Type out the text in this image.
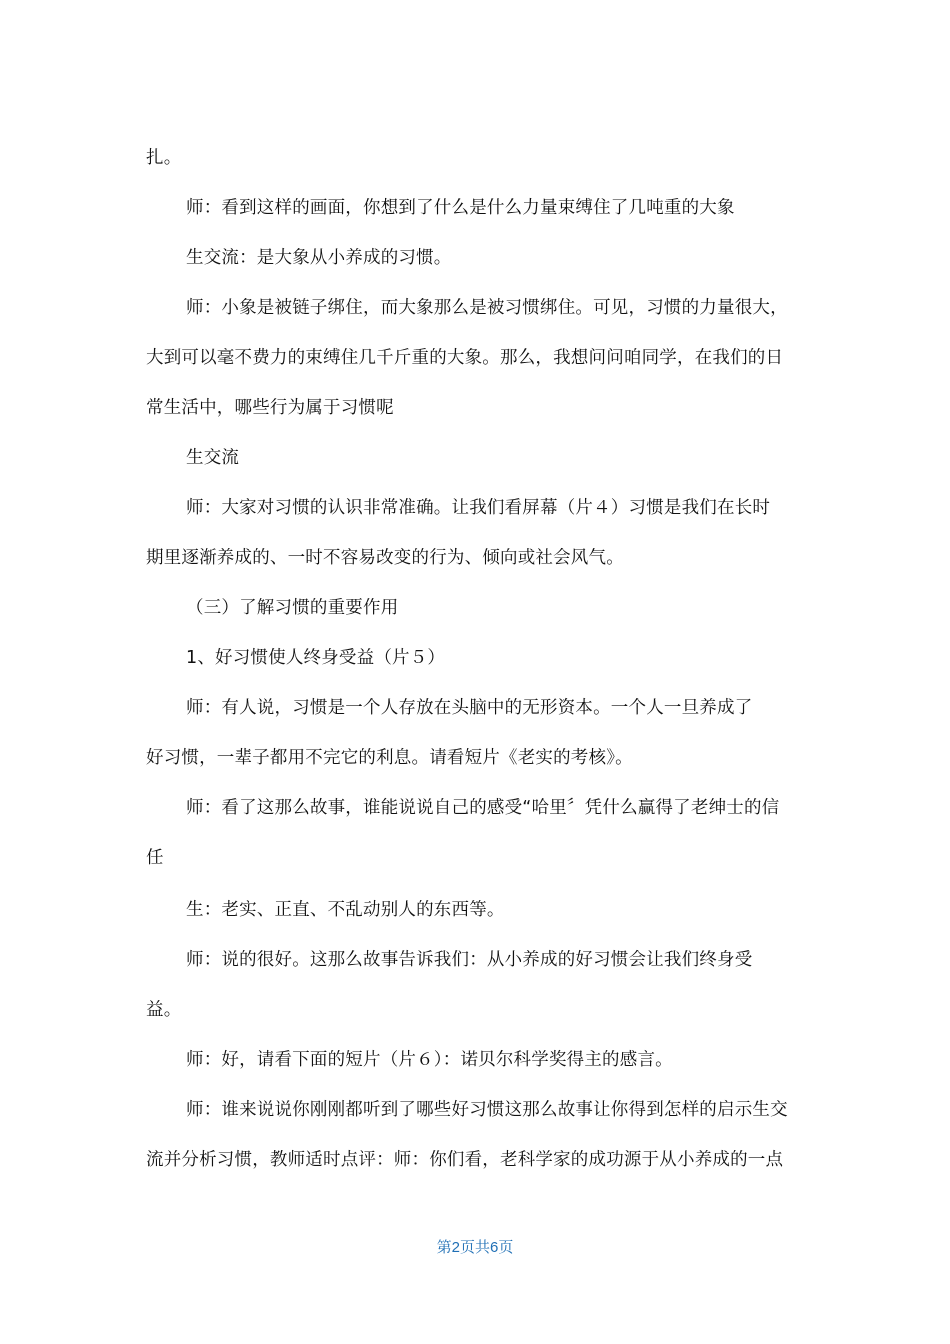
扎。
师：看到这样的画面，你想到了什么是什么力量束缚住了几吨重的大象
生交流：是大象从小养成的习惯。
师：小象是被链子绑住，而大象那么是被习惯绑住。可见，习惯的力量很大，
大到可以毫不费力的束缚住几千斤重的大象。那么，我想问问咱同学，在我们的日
常生活中，哪些行为属于习惯呢
生交流
师：大家对习惯的认识非常准确。让我们看屏幕（片４）习惯是我们在长时
期里逐渐养成的、一时不容易改变的行为、倾向或社会风气。
（三）了解习惯的重要作用
1、好习惯使人终身受益（片５）
师：有人说，习惯是一个人存放在头脑中的无形资本。一个人一旦养成了
好习惯，一辈子都用不完它的利息。请看短片《老实的考核》。
师：看了这那么故事，谁能说说自己的感受“哈里〞凭什么赢得了老绅士的信
任
生：老实、正直、不乱动别人的东西等。
师：说的很好。这那么故事告诉我们：从小养成的好习惯会让我们终身受
益。
师：好，请看下面的短片（片６）：诺贝尔科学奖得主的感言。
师：谁来说说你刚刚都听到了哪些好习惯这那么故事让你得到怎样的启示生交
流并分析习惯，教师适时点评：师：你们看，老科学家的成功源于从小养成的一点
第2页共6页
